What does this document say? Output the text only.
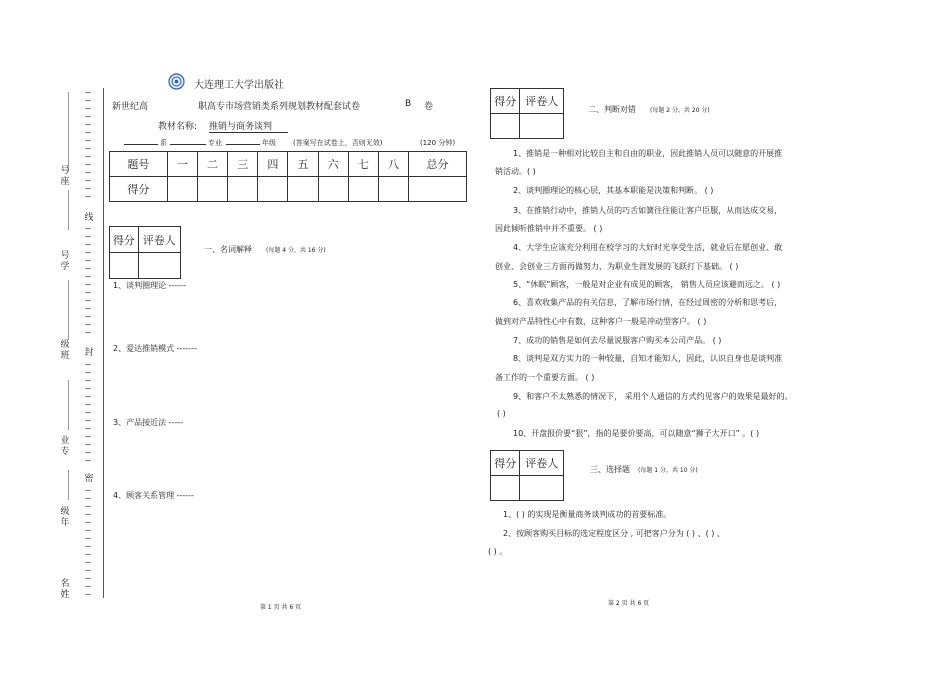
号
座
线
号
学
级
班 封
业
专
密
级
年
名
姓
大连理工大学出版社
新世纪高	职高专市场营销类系列规划教材配套试卷	B 卷
教材名称: 推销与商务谈判
系	专业	年级 (答案写在试卷上，否则无效)	(120 分钟)
题号	一	二	三	四	五	六	七	八	总分
得分									
得分	评卷人

一、名词解释 (每题 4 分，共 16 分)
1、谈判圈理论 ------
2、爱达推销模式 -------
3、产品接近法 -----
4、顾客关系管理 ------
第 1 页 共 6 页
得分	评卷人

二、判断对错 (每题 2 分，共 20 分)
1、推销是一种相对比较自主和自由的职业，因此推销人员可以随意的开展推
销活动。( )
2、谈判圈理论的核心层，其基本职能是决策和判断。 ( )
3、在推销行动中，推销人员的巧舌如簧往往能让客户臣服，从而达成交易，
因此倾听推销中并不重要。 ( )
4、大学生应该充分利用在校学习的大好时光享受生活，就业后在愿创业、敢
创业、会创业三方面再做努力，为职业生涯发展的飞跃打下基础。 ( )
5、“休眠”顾客，一般是对企业有成见的顾客， 销售人员应该避而远之。 ( )
6、喜欢收集产品的有关信息，了解市场行情，在经过周密的分析和思考后，
做到对产品特性心中有数，这种客户一般是冲动型客户。 ( )
7、成功的销售是如何去尽量说服客户购买本公司产品。 ( )
8、谈判是双方实力的一种较量，自知才能知人，因此，认识自身也是谈判准
备工作的一个重要方面。 ( )
9、和客户不太熟悉的情况下， 采用个人通信的方式约见客户的效果是最好的。
( )
10、开盘报价要“狠”，指的是要价要高，可以随意“狮子大开口” 。( )
得分	评卷人
		三、选择题 (每题 1 分，共 10 分)
1、( ) 的实现是衡量商务谈判成功的首要标准。
2、按顾客购买目标的选定程度区分 , 可把客户分为 ( ) 、( ) 、
( ) 。
第 2 页 共 6 页
